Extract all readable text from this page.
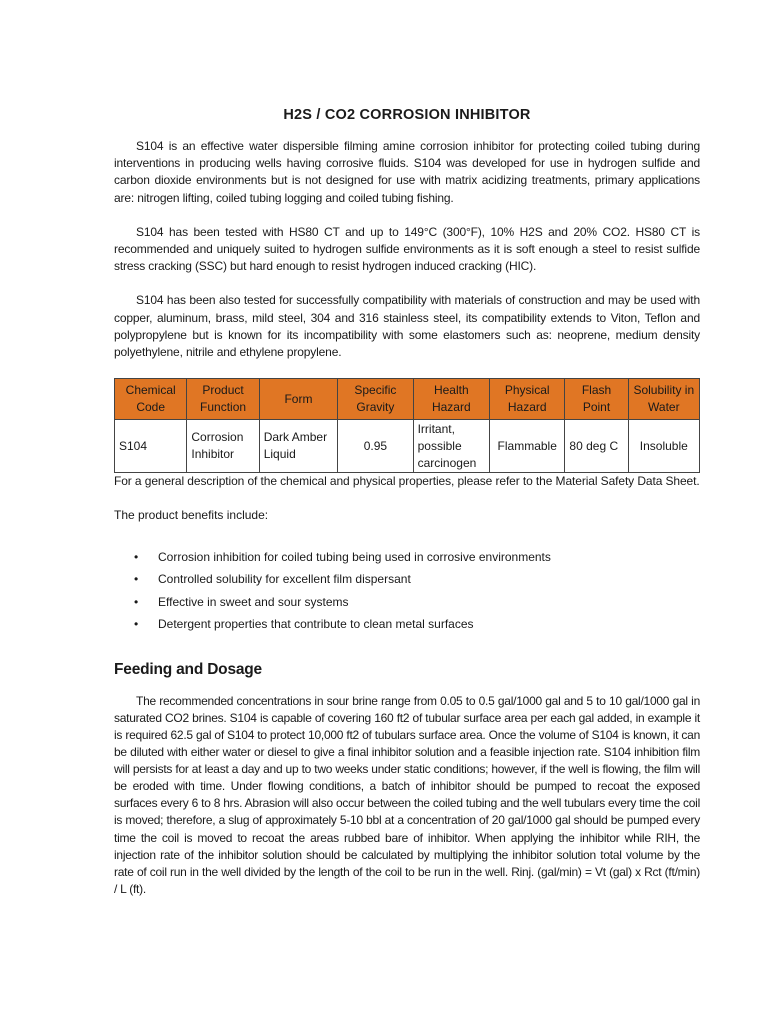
H2S / CO2 CORROSION INHIBITOR

S104 is an effective water dispersible filming amine corrosion inhibitor for protecting coiled tubing during interventions in producing wells having corrosive fluids. S104 was developed for use in hydrogen sulfide and carbon dioxide environments but is not designed for use with matrix acidizing treatments, primary applications are: nitrogen lifting, coiled tubing logging and coiled tubing fishing.

S104 has been tested with HS80 CT and up to 149°C (300°F), 10% H2S and 20% CO2. HS80 CT is recommended and uniquely suited to hydrogen sulfide environments as it is soft enough a steel to resist sulfide stress cracking (SSC) but hard enough to resist hydrogen induced cracking (HIC).

S104 has been also tested for successfully compatibility with materials of construction and may be used with copper, aluminum, brass, mild steel, 304 and 316 stainless steel, its compatibility extends to Viton, Teflon and polypropylene but is known for its incompatibility with some elastomers such as: neoprene, medium density polyethylene, nitrile and ethylene propylene.

Chemical Code	Product Function	Form	Specific Gravity	Health Hazard	Physical Hazard	Flash Point	Solubility in Water
S104	Corrosion Inhibitor	Dark Amber Liquid	0.95	Irritant, possible carcinogen	Flammable	80 deg C	Insoluble

For a general description of the chemical and physical properties, please refer to the Material Safety Data Sheet.

The product benefits include:

• Corrosion inhibition for coiled tubing being used in corrosive environments
• Controlled solubility for excellent film dispersant
• Effective in sweet and sour systems
• Detergent properties that contribute to clean metal surfaces
Feeding and Dosage

The recommended concentrations in sour brine range from 0.05 to 0.5 gal/1000 gal and 5 to 10 gal/1000 gal in saturated CO2 brines. S104 is capable of covering 160 ft2 of tubular surface area per each gal added, in example it is required 62.5 gal of S104 to protect 10,000 ft2 of tubulars surface area. Once the volume of S104 is known, it can be diluted with either water or diesel to give a final inhibitor solution and a feasible injection rate. S104 inhibition film will persists for at least a day and up to two weeks under static conditions; however, if the well is flowing, the film will be eroded with time. Under flowing conditions, a batch of inhibitor should be pumped to recoat the exposed surfaces every 6 to 8 hrs. Abrasion will also occur between the coiled tubing and the well tubulars every time the coil is moved; therefore, a slug of approximately 5-10 bbl at a concentration of 20 gal/1000 gal should be pumped every time the coil is moved to recoat the areas rubbed bare of inhibitor. When applying the inhibitor while RIH, the injection rate of the inhibitor solution should be calculated by multiplying the inhibitor solution total volume by the rate of coil run in the well divided by the length of the coil to be run in the well. Rinj. (gal/min) = Vt (gal) x Rct (ft/min) / L (ft).
